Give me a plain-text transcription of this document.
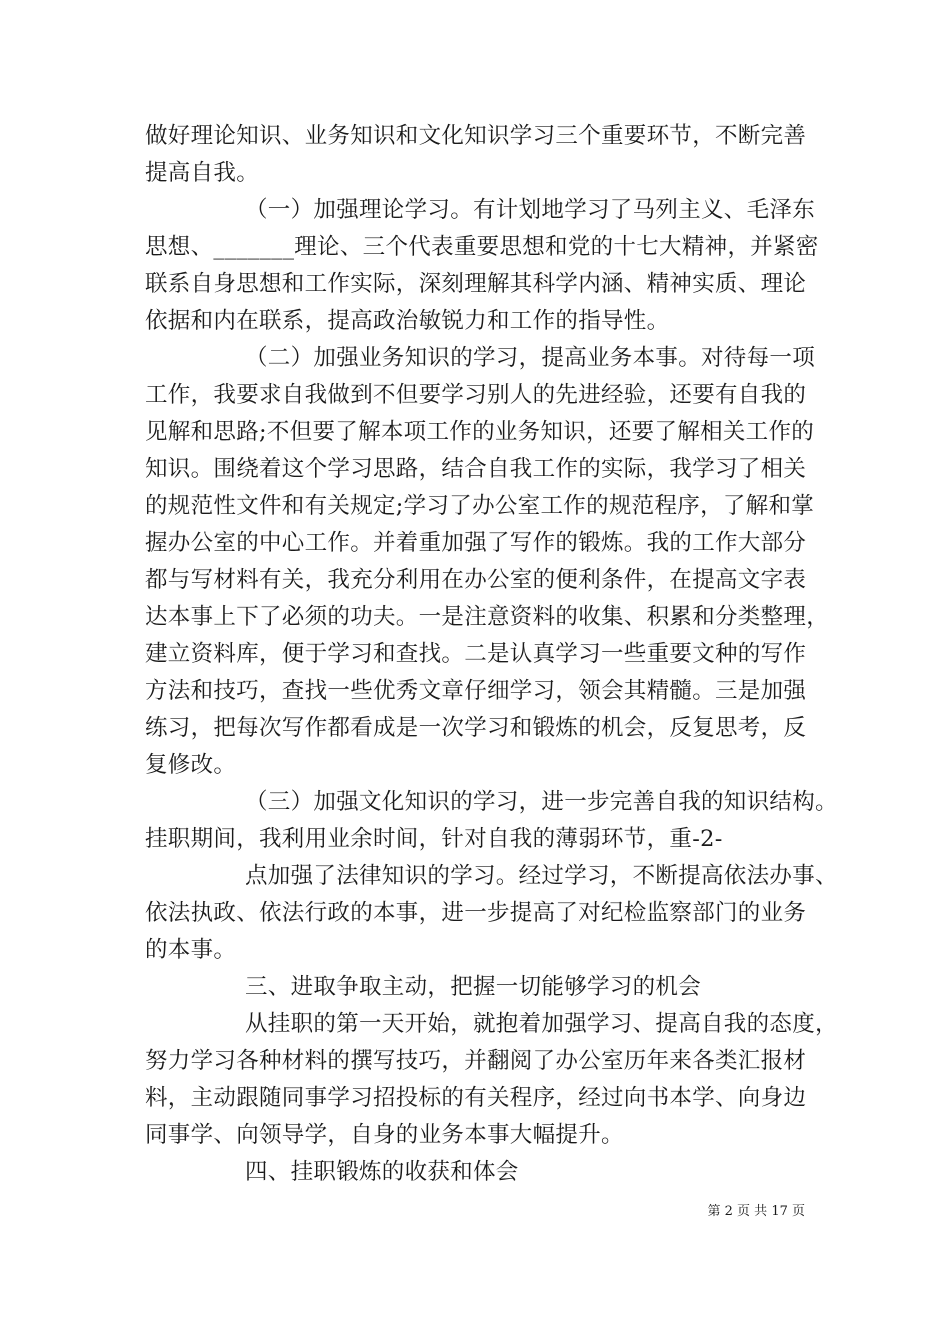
做好理论知识、业务知识和文化知识学习三个重要环节，不断完善
提高自我。
（一）加强理论学习。有计划地学习了马列主义、毛泽东
思想、_______理论、三个代表重要思想和党的十七大精神，并紧密
联系自身思想和工作实际，深刻理解其科学内涵、精神实质、理论
依据和内在联系，提高政治敏锐力和工作的指导性。
（二）加强业务知识的学习，提高业务本事。对待每一项
工作，我要求自我做到不但要学习别人的先进经验，还要有自我的
见解和思路;不但要了解本项工作的业务知识，还要了解相关工作的
知识。围绕着这个学习思路，结合自我工作的实际，我学习了相关
的规范性文件和有关规定;学习了办公室工作的规范程序，了解和掌
握办公室的中心工作。并着重加强了写作的锻炼。我的工作大部分
都与写材料有关，我充分利用在办公室的便利条件，在提高文字表
达本事上下了必须的功夫。一是注意资料的收集、积累和分类整理，
建立资料库，便于学习和查找。二是认真学习一些重要文种的写作
方法和技巧，查找一些优秀文章仔细学习，领会其精髓。三是加强
练习，把每次写作都看成是一次学习和锻炼的机会，反复思考，反
复修改。
（三）加强文化知识的学习，进一步完善自我的知识结构。
挂职期间，我利用业余时间，针对自我的薄弱环节，重-2-
点加强了法律知识的学习。经过学习，不断提高依法办事、
依法执政、依法行政的本事，进一步提高了对纪检监察部门的业务
的本事。
三、进取争取主动，把握一切能够学习的机会
从挂职的第一天开始，就抱着加强学习、提高自我的态度，
努力学习各种材料的撰写技巧，并翻阅了办公室历年来各类汇报材
料，主动跟随同事学习招投标的有关程序，经过向书本学、向身边
同事学、向领导学，自身的业务本事大幅提升。
四、挂职锻炼的收获和体会
第 2 页 共 17 页
